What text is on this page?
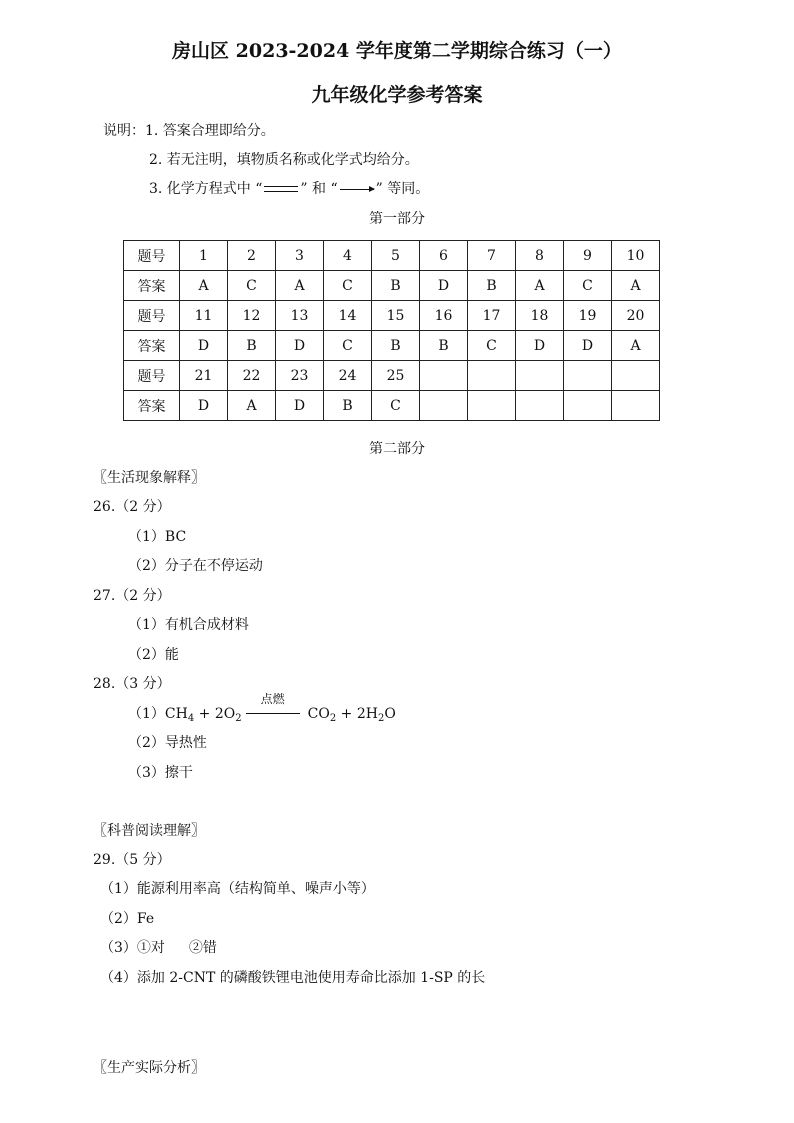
房山区 2023-2024 学年度第二学期综合练习（一）
九年级化学参考答案
说明：1. 答案合理即给分。
2. 若无注明，填物质名称或化学式均给分。
3. 化学方程式中 “	” 和 “	” 等同。
第一部分
题号	1	2	3	4	5	6	7	8	9	10
答案	A	C	A	C	B	D	B	A	C	A
题号	11	12	13	14	15	16	17	18	19	20
答案	D	B	D	C	B	B	C	D	D	A
题号	21	22	23	24	25					
答案	D	A	D	B	C					
第二部分
〖生活现象解释〗
26.（2 分）
（1）BC
（2）分子在不停运动
27.（2 分）
（1）有机合成材料
（2）能
28.（3 分）
$(1)CH_4 + 2O_2$
点燃
$CO_2 + 2H_2O$
（2）导热性
（3）擦干
〖科普阅读理解〗
29.（5 分）
（1）能源利用率高（结构简单、噪声小等）
（2）Fe
（3）①对 ②错
（4）添加 2-CNT 的磷酸铁锂电池使用寿命比添加 1-SP 的长
〖生产实际分析〗
